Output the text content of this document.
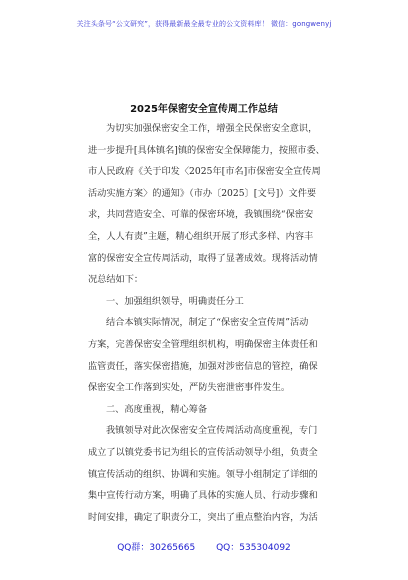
关注头条号“公文研究”，获得最新最全最专业的公文资料库！ 微信：gongwenyj
2025年保密安全宣传周工作总结
为切实加强保密安全工作，增强全民保密安全意识，
进一步提升[具体镇名]镇的保密安全保障能力，按照市委、
市人民政府《关于印发〈2025年[市名]市保密安全宣传周
活动实施方案〉的通知》（市办〔2025〕[文号]）文件要
求，共同营造安全、可靠的保密环境，我镇围绕“保密安
全，人人有责”主题，精心组织开展了形式多样、内容丰
富的保密安全宣传周活动，取得了显著成效。现将活动情
况总结如下：
一、加强组织领导，明确责任分工
结合本镇实际情况，制定了“保密安全宣传周”活动
方案，完善保密安全管理组织机构，明确保密主体责任和
监管责任，落实保密措施，加强对涉密信息的管控，确保
保密安全工作落到实处，严防失密泄密事件发生。
二、高度重视，精心筹备
我镇领导对此次保密安全宣传周活动高度重视，专门
成立了以镇党委书记为组长的宣传活动领导小组，负责全
镇宣传活动的组织、协调和实施。领导小组制定了详细的
集中宣传行动方案，明确了具体的实施人员、行动步骤和
时间安排，确定了职责分工，突出了重点整治内容，为活
QQ群：30265665 QQ：535304092
